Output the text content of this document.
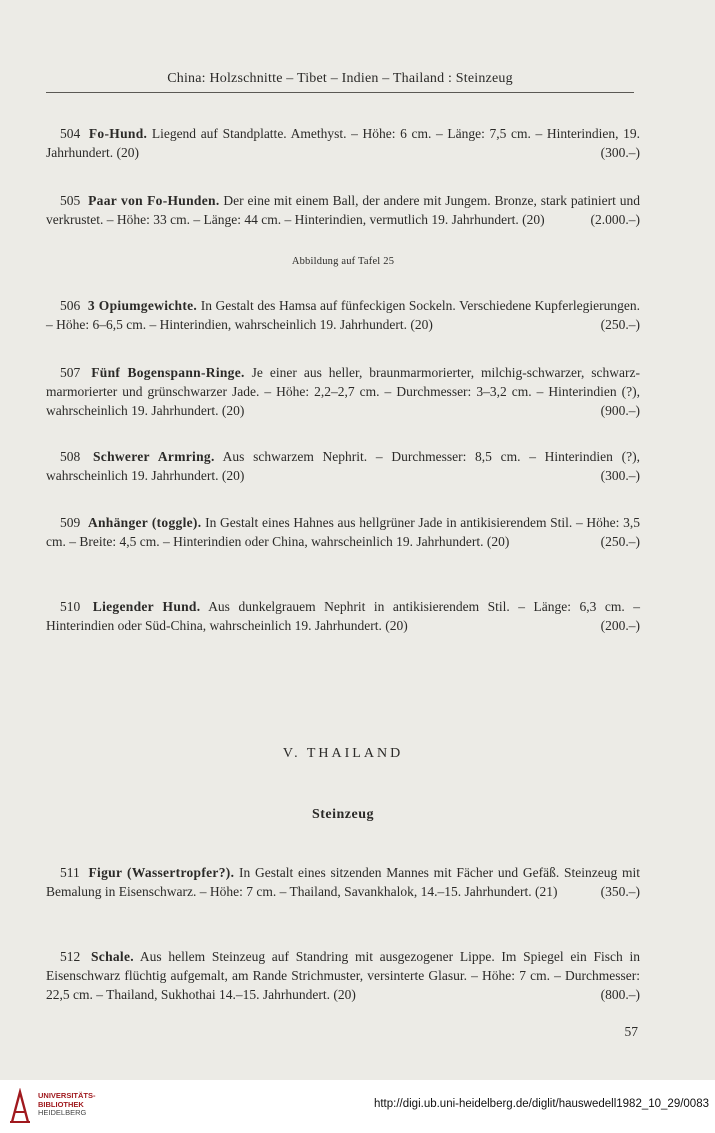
China: Holzschnitte – Tibet – Indien – Thailand : Steinzeug
504 Fo-Hund. Liegend auf Standplatte. Amethyst. – Höhe: 6 cm. – Länge: 7,5 cm. – Hinterindien, 19. Jahrhundert. (20)	(300.–)
505 Paar von Fo-Hunden. Der eine mit einem Ball, der andere mit Jungem. Bronze, stark patiniert und verkrustet. – Höhe: 33 cm. – Länge: 44 cm. – Hinterindien, vermutlich 19. Jahrhundert. (20)	(2.000.–)
Abbildung auf Tafel 25
506 3 Opiumgewichte. In Gestalt des Hamsa auf fünfeckigen Sockeln. Verschiedene Kupferlegierungen. – Höhe: 6–6,5 cm. – Hinterindien, wahrscheinlich 19. Jahrhundert. (20)	(250.–)
507 Fünf Bogenspann-Ringe. Je einer aus heller, braunmarmorierter, milchig-schwarzer, schwarz-marmorierter und grünschwarzer Jade. – Höhe: 2,2–2,7 cm. – Durchmesser: 3–3,2 cm. – Hinterindien (?), wahrscheinlich 19. Jahrhundert. (20)	(900.–)
508 Schwerer Armring. Aus schwarzem Nephrit. – Durchmesser: 8,5 cm. – Hinterindien (?), wahrscheinlich 19. Jahrhundert. (20)	(300.–)
509 Anhänger (toggle). In Gestalt eines Hahnes aus hellgrüner Jade in antikisierendem Stil. – Höhe: 3,5 cm. – Breite: 4,5 cm. – Hinterindien oder China, wahrscheinlich 19. Jahrhundert. (20)	(250.–)
510 Liegender Hund. Aus dunkelgrauem Nephrit in antikisierendem Stil. – Länge: 6,3 cm. – Hinterindien oder Süd-China, wahrscheinlich 19. Jahrhundert. (20)	(200.–)
V. THAILAND
Steinzeug
511 Figur (Wassertropfer?). In Gestalt eines sitzenden Mannes mit Fächer und Gefäß. Steinzeug mit Bemalung in Eisenschwarz. – Höhe: 7 cm. – Thailand, Savankhalok, 14.–15. Jahrhundert. (21)	(350.–)
512 Schale. Aus hellem Steinzeug auf Standring mit ausgezogener Lippe. Im Spiegel ein Fisch in Eisenschwarz flüchtig aufgemalt, am Rande Strichmuster, versinterte Glasur. – Höhe: 7 cm. – Durchmesser: 22,5 cm. – Thailand, Sukhothai 14.–15. Jahrhundert. (20)	(800.–)
57
UNIVERSITÄTS-
BIBLIOTHEK
HEIDELBERG
http://digi.ub.uni-heidelberg.de/diglit/hauswedell1982_10_29/0083
